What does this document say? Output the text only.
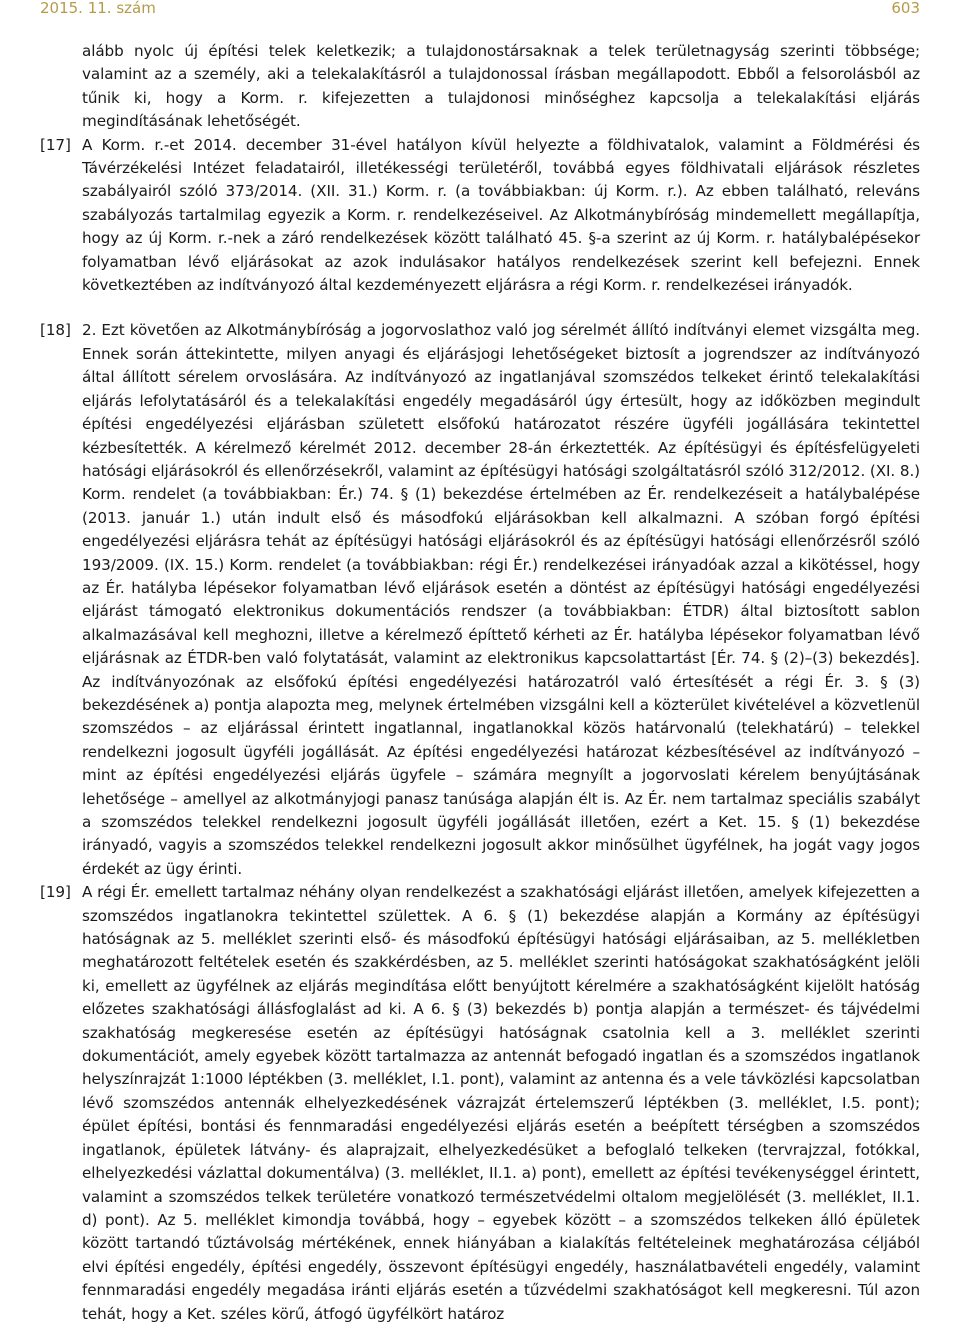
2015. 11. szám	603

alább nyolc új építési telek keletkezik; a tulajdonostársaknak a telek területnagyság szerinti többsége; valamint az a személy, aki a telekalakításról a tulajdonossal írásban megállapodott. Ebből a felsorolásból az tűnik ki, hogy a Korm. r. kifejezetten a tulajdonosi minőséghez kapcsolja a telekalakítási eljárás megindításának lehetőségét.

[17] A Korm. r.-et 2014. december 31-ével hatályon kívül helyezte a földhivatalok, valamint a Földmérési és Távérzékelési Intézet feladatairól, illetékességi területéről, továbbá egyes földhivatali eljárások részletes szabályairól szóló 373/2014. (XII. 31.) Korm. r. (a továbbiakban: új Korm. r.). Az ebben található, releváns szabályozás tartalmilag egyezik a Korm. r. rendelkezéseivel. Az Alkotmánybíróság mindemellett megállapítja, hogy az új Korm. r.-nek a záró rendelkezések között található 45. §-a szerint az új Korm. r. hatálybalépésekor folyamatban lévő eljárásokat az azok indulásakor hatályos rendelkezések szerint kell befejezni. Ennek következtében az indítványozó által kezdeményezett eljárásra a régi Korm. r. rendelkezései irányadók.

[18] 2. Ezt követően az Alkotmánybíróság a jogorvoslathoz való jog sérelmét állító indítványi elemet vizsgálta meg. Ennek során áttekintette, milyen anyagi és eljárásjogi lehetőségeket biztosít a jogrendszer az indítványozó által állított sérelem orvoslására. Az indítványozó az ingatlanjával szomszédos telkeket érintő telekalakítási eljárás lefolytatásáról és a telekalakítási engedély megadásáról úgy értesült, hogy az időközben megindult építési engedélyezési eljárásban született elsőfokú határozatot részére ügyféli jogállására tekintettel kézbesítették. A kérelmező kérelmét 2012. december 28-án érkeztették. Az építésügyi és építésfelügyeleti hatósági eljárásokról és ellenőrzésekről, valamint az építésügyi hatósági szolgáltatásról szóló 312/2012. (XI. 8.) Korm. rendelet (a továbbiakban: Ér.) 74. § (1) bekezdése értelmében az Ér. rendelkezéseit a hatálybalépése (2013. január 1.) után indult első és másodfokú eljárásokban kell alkalmazni. A szóban forgó építési engedélyezési eljárásra tehát az építésügyi hatósági eljárásokról és az építésügyi hatósági ellenőrzésről szóló 193/2009. (IX. 15.) Korm. rendelet (a továbbiakban: régi Ér.) rendelkezései irányadóak azzal a kikötéssel, hogy az Ér. hatályba lépésekor folyamatban lévő eljárások esetén a döntést az építésügyi hatósági engedélyezési eljárást támogató elektronikus dokumentációs rendszer (a továbbiakban: ÉTDR) által biztosított sablon alkalmazásával kell meghozni, illetve a kérelmező építtető kérheti az Ér. hatályba lépésekor folyamatban lévő eljárásnak az ÉTDR-ben való folytatását, valamint az elektronikus kapcsolattartást [Ér. 74. § (2)–(3) bekezdés]. Az indítványozónak az elsőfokú építési engedélyezési határozatról való értesítését a régi Ér. 3. § (3) bekezdésének a) pontja alapozta meg, melynek értelmében vizsgálni kell a közterület kivételével a közvetlenül szomszédos – az eljárással érintett ingatlannal, ingatlanokkal közös határvonalú (telekhatárú) – telekkel rendelkezni jogosult ügyféli jogállását. Az építési engedélyezési határozat kézbesítésével az indítványozó – mint az építési engedélyezési eljárás ügyfele – számára megnyílt a jogorvoslati kérelem benyújtásának lehetősége – amellyel az alkotmányjogi panasz tanúsága alapján élt is. Az Ér. nem tartalmaz speciális szabályt a szomszédos telekkel rendelkezni jogosult ügyféli jogállását illetően, ezért a Ket. 15. § (1) bekezdése irányadó, vagyis a szomszédos telekkel rendelkezni jogosult akkor minősülhet ügyfélnek, ha jogát vagy jogos érdekét az ügy érinti.

[19] A régi Ér. emellett tartalmaz néhány olyan rendelkezést a szakhatósági eljárást illetően, amelyek kifejezetten a szomszédos ingatlanokra tekintettel születtek. A 6. § (1) bekezdése alapján a Kormány az építésügyi hatóságnak az 5. melléklet szerinti első- és másodfokú építésügyi hatósági eljárásaiban, az 5. mellékletben meghatározott feltételek esetén és szakkérdésben, az 5. melléklet szerinti hatóságokat szakhatóságként jelöli ki, emellett az ügyfélnek az eljárás megindítása előtt benyújtott kérelmére a szakhatóságként kijelölt hatóság előzetes szakhatósági állásfoglalást ad ki. A 6. § (3) bekezdés b) pontja alapján a természet- és tájvédelmi szakhatóság megkeresése esetén az építésügyi hatóságnak csatolnia kell a 3. melléklet szerinti dokumentációt, amely egyebek között tartalmazza az antennát befogadó ingatlan és a szomszédos ingatlanok helyszínrajzát 1:1000 léptékben (3. melléklet, I.1. pont), valamint az antenna és a vele távközlési kapcsolatban lévő szomszédos antennák elhelyezkedésének vázrajzát értelemszerű léptékben (3. melléklet, I.5. pont); épület építési, bontási és fennmaradási engedélyezési eljárás esetén a beépített térségben a szomszédos ingatlanok, épületek látvány- és alaprajzait, elhelyezkedésüket a befoglaló telkeken (tervrajzzal, fotókkal, elhelyezkedési vázlattal dokumentálva) (3. melléklet, II.1. a) pont), emellett az építési tevékenységgel érintett, valamint a szomszédos telkek területére vonatkozó természetvédelmi oltalom megjelölését (3. melléklet, II.1. d) pont). Az 5. melléklet kimondja továbbá, hogy – egyebek között – a szomszédos telkeken álló épületek között tartandó tűztávolság mértékének, ennek hiányában a kialakítás feltételeinek meghatározása céljából elvi építési engedély, építési engedély, összevont építésügyi engedély, használatbavételi engedély, valamint fennmaradási engedély megadása iránti eljárás esetén a tűzvédelmi szakhatóságot kell megkeresni. Túl azon tehát, hogy a Ket. széles körű, átfogó ügyfélkört határoz
